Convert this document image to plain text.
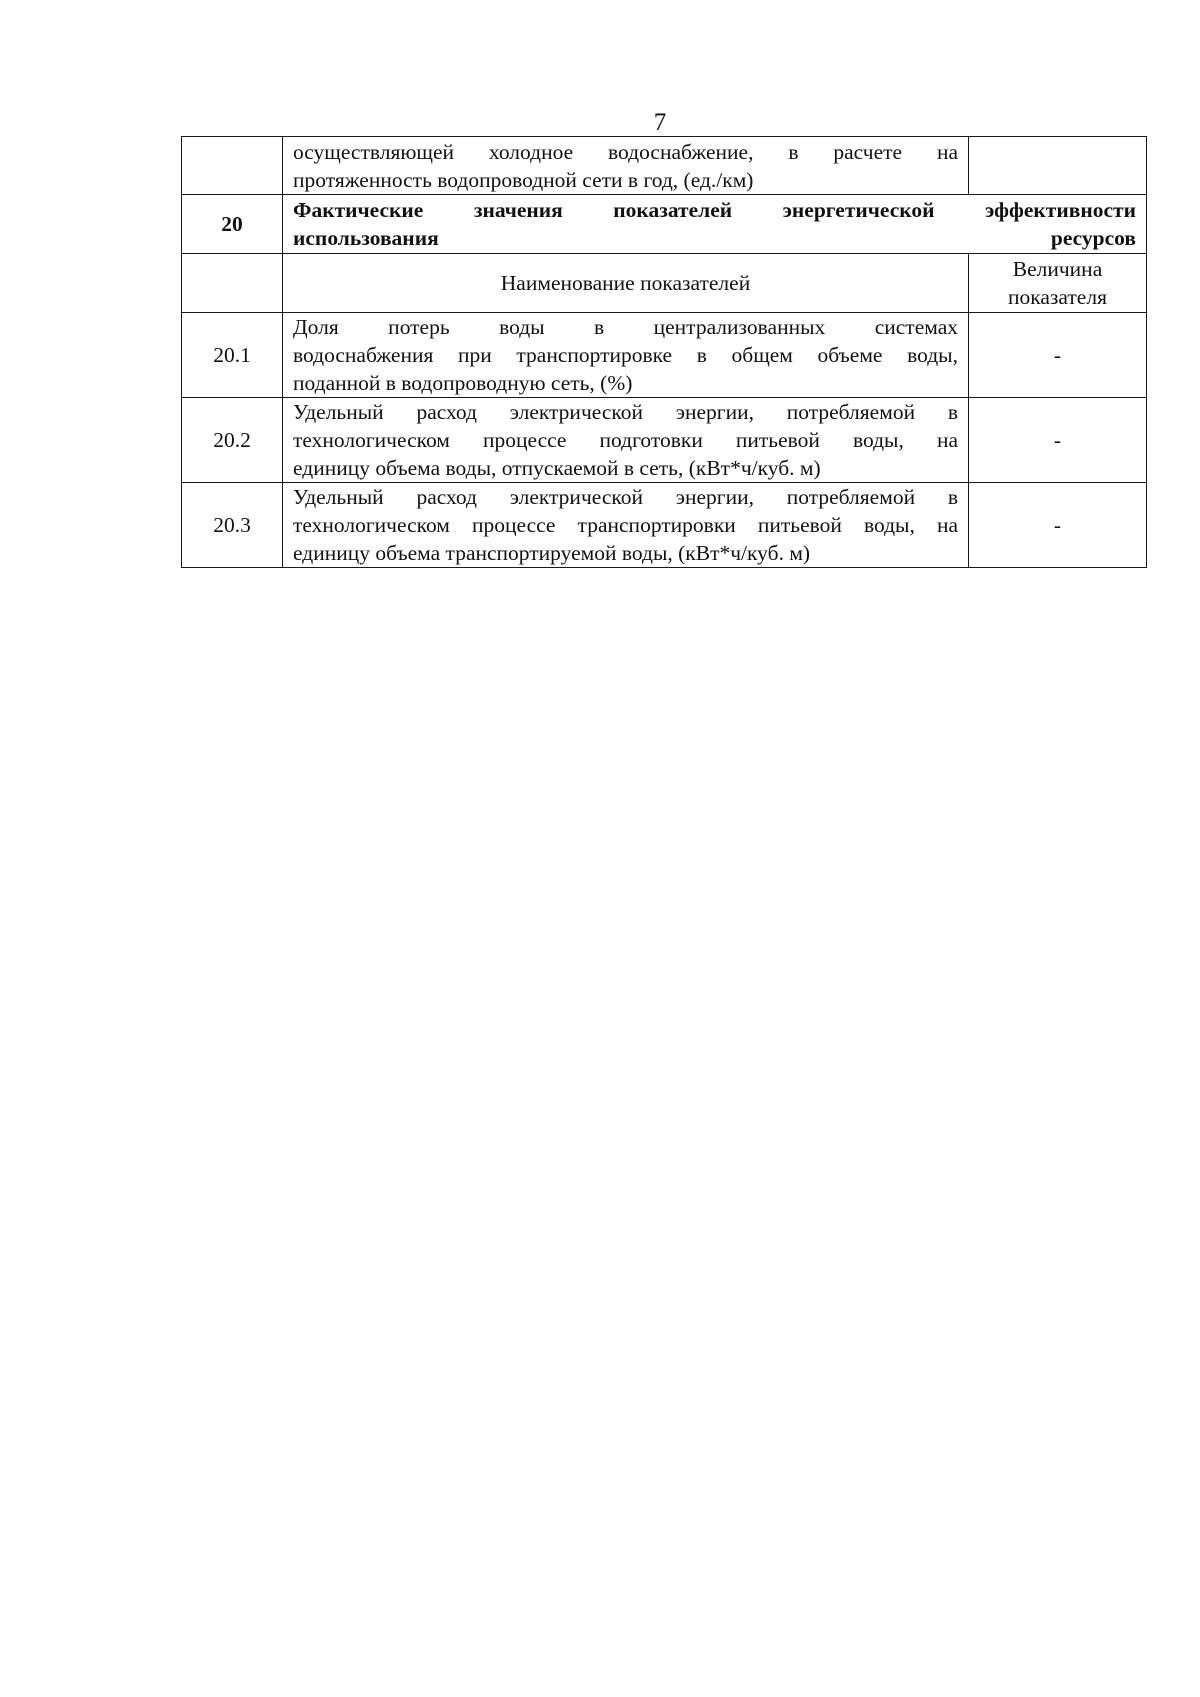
7

	осуществляющей холодное водоснабжение, в расчете на
протяженность водопроводной сети в год, (ед./км)	

20	Фактические значения показателей энергетической эффективности
использования ресурсов	

	Наименование показателей	Величина
показателя

20.1	Доля потерь воды в централизованных системах
водоснабжения при транспортировке в общем объеме воды,
поданной в водопроводную сеть, (%)	-
20.2	Удельный расход электрической энергии, потребляемой в
технологическом процессе подготовки питьевой воды, на
единицу объема воды, отпускаемой в сеть, (кВт*ч/куб. м)	-
20.3	Удельный расход электрической энергии, потребляемой в
технологическом процессе транспортировки питьевой воды, на
единицу объема транспортируемой воды, (кВт*ч/куб. м)	-
